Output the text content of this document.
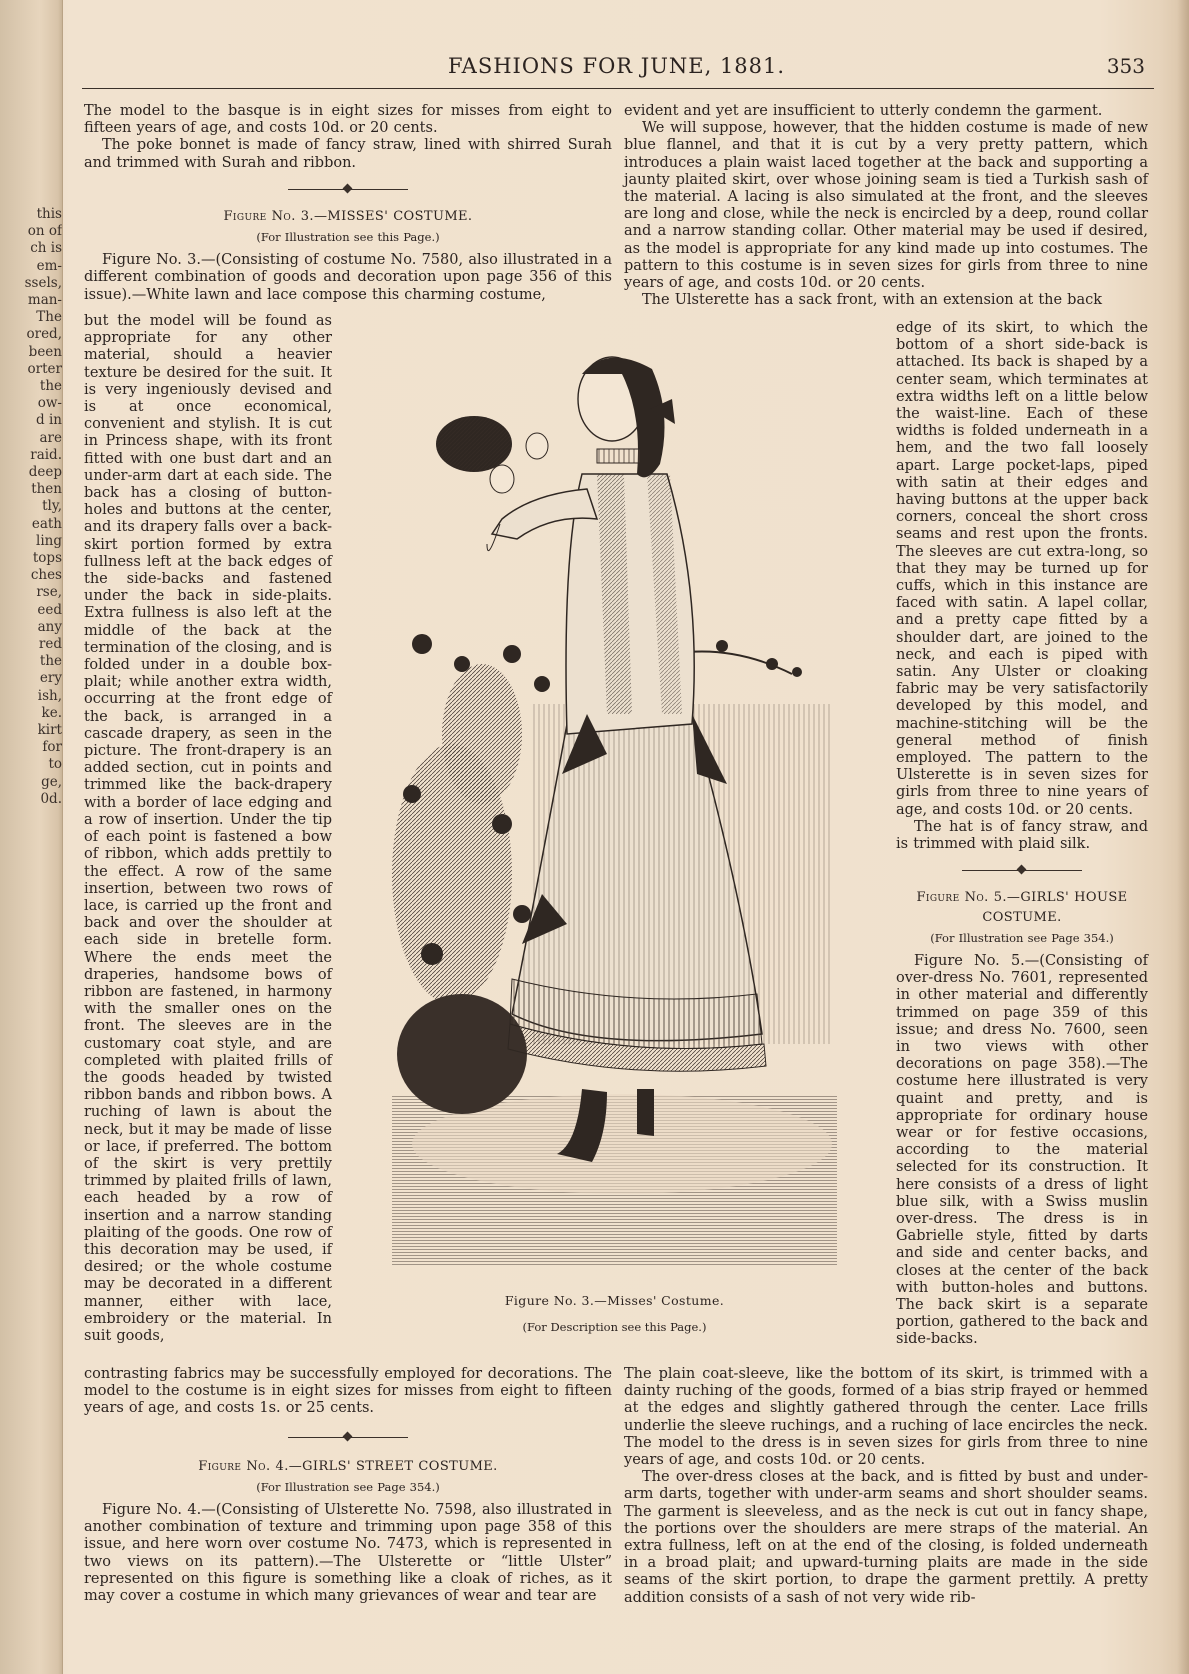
this
on of
ch is
em-
ssels,
man-
The
ored,
been
orter
the
ow-
d in
are
raid.
deep
then
tly,
eath
ling
tops
ches
rse,
eed
any
red
the
ery
ish,
ke.
kirt
for
to
ge,
0d.
FASHIONS FOR JUNE, 1881.	353

The model to the basque is in eight sizes for misses from eight to fifteen years of age, and costs 10d. or 20 cents.

The poke bonnet is made of fancy straw, lined with shirred Surah and trimmed with Surah and ribbon.

Figure No. 3.—MISSES' COSTUME.
(For Illustration see this Page.)

Figure No. 3.—(Consisting of costume No. 7580, also illustrated in a different combination of goods and decoration upon page 356 of this issue).—White lawn and lace compose this charming costume,

but the model will be found as appropriate for any other material, should a heavier texture be desired for the suit. It is very ingeniously devised and is at once economical, convenient and stylish. It is cut in Princess shape, with its front fitted with one bust dart and an under-arm dart at each side. The back has a closing of button-holes and buttons at the center, and its drapery falls over a back-skirt portion formed by extra fullness left at the back edges of the side-backs and fastened under the back in side-plaits. Extra fullness is also left at the middle of the back at the termination of the closing, and is folded under in a double box-plait; while another extra width, occurring at the front edge of the back, is arranged in a cascade drapery, as seen in the picture. The front-drapery is an added section, cut in points and trimmed like the back-drapery with a border of lace edging and a row of insertion. Under the tip of each point is fastened a bow of ribbon, which adds prettily to the effect. A row of the same insertion, between two rows of lace, is carried up the front and back and over the shoulder at each side in bretelle form. Where the ends meet the draperies, handsome bows of ribbon are fastened, in harmony with the smaller ones on the front. The sleeves are in the customary coat style, and are completed with plaited frills of the goods headed by twisted ribbon bands and ribbon bows. A ruching of lawn is about the neck, but it may be made of lisse or lace, if preferred. The bottom of the skirt is very prettily trimmed by plaited frills of lawn, each headed by a row of insertion and a narrow standing plaiting of the goods. One row of this decoration may be used, if desired; or the whole costume may be decorated in a different manner, either with lace, embroidery or the material. In suit goods,

contrasting fabrics may be successfully employed for decorations. The model to the costume is in eight sizes for misses from eight to fifteen years of age, and costs 1s. or 25 cents.

Figure No. 4.—GIRLS' STREET COSTUME.
(For Illustration see Page 354.)

Figure No. 4.—(Consisting of Ulsterette No. 7598, also illustrated in another combination of texture and trimming upon page 358 of this issue, and here worn over costume No. 7473, which is represented in two views on its pattern).—The Ulsterette or “little Ulster” represented on this figure is something like a cloak of riches, as it may cover a costume in which many grievances of wear and tear are

evident and yet are insufficient to utterly condemn the garment.

We will suppose, however, that the hidden costume is made of new blue flannel, and that it is cut by a very pretty pattern, which introduces a plain waist laced together at the back and supporting a jaunty plaited skirt, over whose joining seam is tied a Turkish sash of the material. A lacing is also simulated at the front, and the sleeves are long and close, while the neck is encircled by a deep, round collar and a narrow standing collar. Other material may be used if desired, as the model is appropriate for any kind made up into costumes. The pattern to this costume is in seven sizes for girls from three to nine years of age, and costs 10d. or 20 cents.

The Ulsterette has a sack front, with an extension at the back

edge of its skirt, to which the bottom of a short side-back is attached. Its back is shaped by a center seam, which terminates at extra widths left on a little below the waist-line. Each of these widths is folded underneath in a hem, and the two fall loosely apart. Large pocket-laps, piped with satin at their edges and having buttons at the upper back corners, conceal the short cross seams and rest upon the fronts. The sleeves are cut extra-long, so that they may be turned up for cuffs, which in this instance are faced with satin. A lapel collar, and a pretty cape fitted by a shoulder dart, are joined to the neck, and each is piped with satin. Any Ulster or cloaking fabric may be very satisfactorily developed by this model, and machine-stitching will be the general method of finish employed. The pattern to the Ulsterette is in seven sizes for girls from three to nine years of age, and costs 10d. or 20 cents.

The hat is of fancy straw, and is trimmed with plaid silk.

Figure No. 5.—GIRLS' HOUSE
COSTUME.
(For Illustration see Page 354.)

Figure No. 5.—(Consisting of over-dress No. 7601, represented in other material and differently trimmed on page 359 of this issue; and dress No. 7600, seen in two views with other decorations on page 358).—The costume here illustrated is very quaint and pretty, and is appropriate for ordinary house wear or for festive occasions, according to the material selected for its construction. It here consists of a dress of light blue silk, with a Swiss muslin over-dress. The dress is in Gabrielle style, fitted by darts and side and center backs, and closes at the center of the back with button-holes and buttons. The back skirt is a separate portion, gathered to the back and side-backs.

The plain coat-sleeve, like the bottom of its skirt, is trimmed with a dainty ruching of the goods, formed of a bias strip frayed or hemmed at the edges and slightly gathered through the center. Lace frills underlie the sleeve ruchings, and a ruching of lace encircles the neck. The model to the dress is in seven sizes for girls from three to nine years of age, and costs 10d. or 20 cents.

The over-dress closes at the back, and is fitted by bust and under-arm darts, together with under-arm seams and short shoulder seams. The garment is sleeveless, and as the neck is cut out in fancy shape, the portions over the shoulders are mere straps of the material. An extra fullness, left on at the end of the closing, is folded underneath in a broad plait; and upward-turning plaits are made in the side seams of the skirt portion, to drape the garment prettily. A pretty addition consists of a sash of not very wide rib-

Figure No. 3.—Misses' Costume.
(For Description see this Page.)
